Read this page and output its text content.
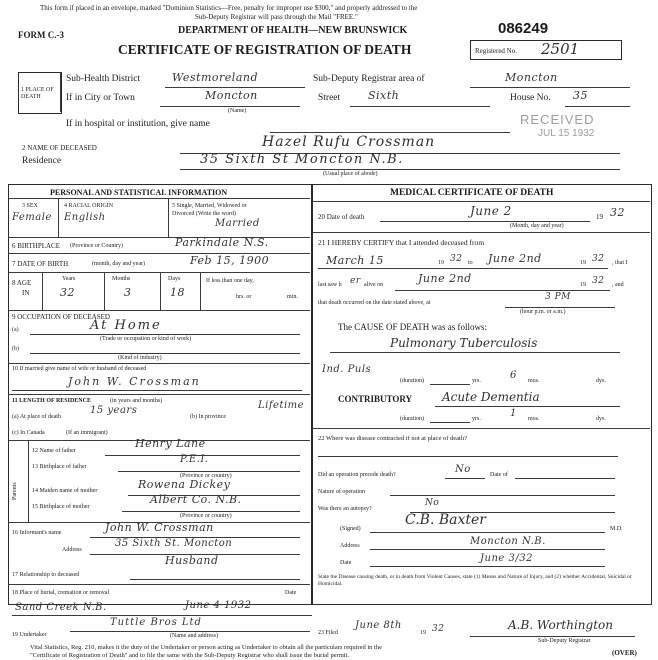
This form if placed in an envelope, marked "Dominion Statistics—Free, penalty for improper use $300," and properly addressed to the
Sub-Deputy Registrar will pass through the Mail "FREE."
FORM C.-3	DEPARTMENT OF HEALTH—NEW BRUNSWICK	086249
CERTIFICATE OF REGISTRATION OF DEATH	Registered No. 2501
RECEIVED
JUL 15 1932
1 PLACE OF DEATH
Sub-Health District	Westmoreland	Sub-Deputy Registrar area of	Moncton
If in City or Town	Moncton
(Name)
Street	Sixth	House No. 35
If in hospital or institution, give name
2 NAME OF DECEASED	Hazel Rufu Crossman
Residence	35 Sixth St Moncton N.B.
(Usual place of abode)
PERSONAL AND STATISTICAL INFORMATION
3 SEX
Female
4 RACIAL ORIGIN
English
5 Single, Married, Widowed or
Divorced (Write the word)
Married
6 BIRTHPLACE (Province or Country)	Parkindale N.S.
7 DATE OF BIRTH	(month, day and year)	Feb 15, 1900
8 AGE
IN
Years
32
Months
3
Days
18
If less than one day,
hrs. or	min.
9 OCCUPATION OF DECEASED
(a)	At Home
(Trade or occupation or kind of work)
(b)
(Kind of industry)
10 If married give name of wife or husband of deceased
John W. Crossman
11 LENGTH OF RESIDENCE	(in years and months)
(a) At place of death
15 years
(b) In province
Lifetime
(c) In Canada	(If an immigrant)
Parents
12 Name of father
Henry Lane
13 Birthplace of father
P.E.I.
(Province or country)
14 Maiden name of mother	Rowena Dickey
15 Birthplace of mother
Albert Co. N.B.
(Province or country)
16 Informant's name	John W. Crossman
Address
35 Sixth St. Moncton
Husband
17 Relationship to deceased
18 Place of burial, cremation or removal	Date
Sand Creek N.B.	June 4 1932
19 Undertaker
Tuttle Bros Ltd
(Name and address)
MEDICAL CERTIFICATE OF DEATH
20 Date of death	June 2	19 32
(Month, day and year)
21 I HEREBY CERTIFY that I attended deceased from
March 15	19 32 to June 2nd	19 32 , that I
last saw h er alive on	June 2nd	19 32 , and
that death occurred on the date stated above, at
3 PM
(hour p.m. or a.m.)
The CAUSE OF DEATH was as follows:
Pulmonary Tuberculosis
Ind. Puls
(duration)	yrs.	6 mos.	dys.
CONTRIBUTORY Acute Dementia
(duration)	yrs.	1 mos.	dys.
22 Where was disease contracted if not at place of death?
Did an operation precede death?	No	Date of
Nature of operation
Was there an autopsy?
No
(Signed)
C.B. Baxter
M.D.
Address	Moncton N.B.
Date	June 3/32
State the Disease causing death, or in death from Violent Causes, state (1) Means and Nature of Injury, and (2) whether Accidental, Suicidal or Homicidal.
23 Filed
June 8th
19 32	A.B. Worthington
Sub-Deputy Registrar
Vital Statistics, Reg. 210, makes it the duty of the Undertaker or person acting as Undertaker to obtain all the particulars required in the
"Certificate of Registration of Death" and to file the same with the Sub-Deputy Registrar who shall issue the burial permit.	(OVER)
